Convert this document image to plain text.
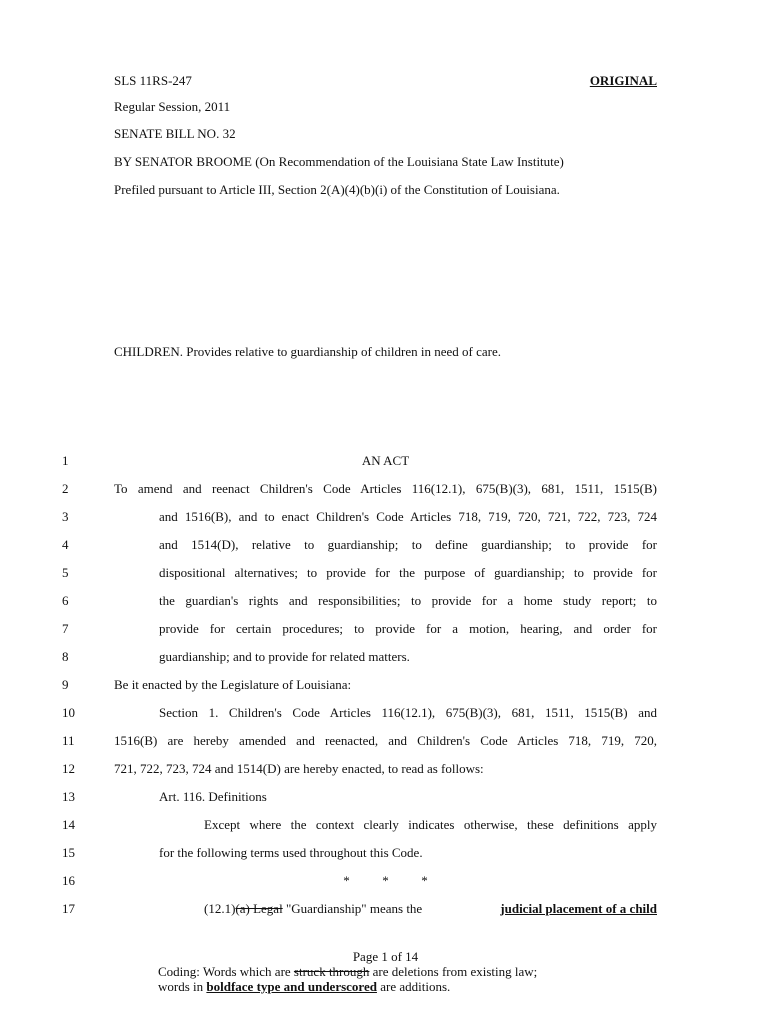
SLS 11RS-247	ORIGINAL
Regular Session, 2011
SENATE BILL NO. 32
BY SENATOR BROOME (On Recommendation of the Louisiana State Law Institute)
Prefiled pursuant to Article III, Section 2(A)(4)(b)(i) of the Constitution of Louisiana.
CHILDREN. Provides relative to guardianship of children in need of care.
1	AN ACT
2	To amend and reenact Children's Code Articles 116(12.1), 675(B)(3), 681, 1511, 1515(B)
3	and 1516(B), and to enact Children's Code Articles 718, 719, 720, 721, 722, 723, 724
4	and 1514(D), relative to guardianship; to define guardianship; to provide for
5	dispositional alternatives; to provide for the purpose of guardianship; to provide for
6	the guardian's rights and responsibilities; to provide for a home study report; to
7	provide for certain procedures; to provide for a motion, hearing, and order for
8	guardianship; and to provide for related matters.
9	Be it enacted by the Legislature of Louisiana:
10	Section 1. Children's Code Articles 116(12.1), 675(B)(3), 681, 1511, 1515(B) and
11	1516(B) are hereby amended and reenacted, and Children's Code Articles 718, 719, 720,
12	721, 722, 723, 724 and 1514(D) are hereby enacted, to read as follows:
13	Art. 116. Definitions
14	Except where the context clearly indicates otherwise, these definitions apply
15	for the following terms used throughout this Code.
16	*          *          *
17	(12.1)(a) Legal "Guardianship" means the	judicial placement of a child
Page 1 of 14
Coding: Words which are struck through are deletions from existing law;
words in boldface type and underscored are additions.
